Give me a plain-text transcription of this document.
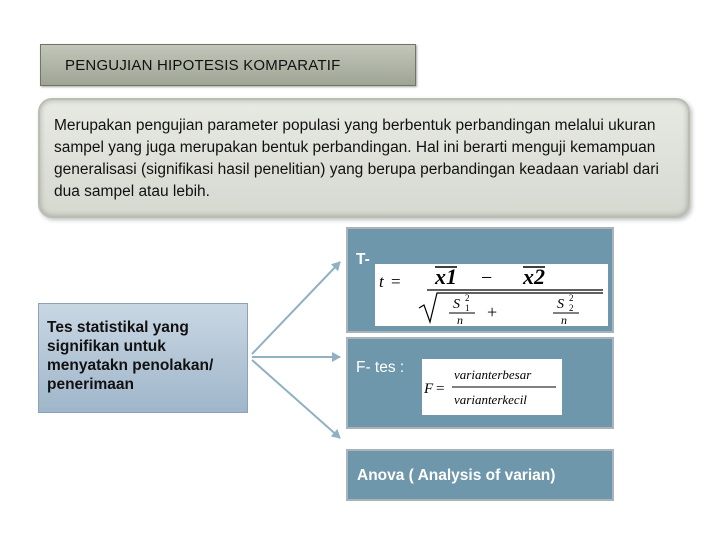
PENGUJIAN HIPOTESIS KOMPARATIF
Merupakan pengujian parameter populasi yang berbentuk perbandingan melalui ukuran sampel yang juga merupakan bentuk perbandingan. Hal ini berarti menguji kemampuan generalisasi (signifikasi hasil penelitian) yang berupa perbandingan keadaan variabl dari dua sampel atau lebih.
Tes statistikal yang signifikan untuk menyatakn penolakan/ penerimaan
T-
t = x1 − x2
S 2
1
n +	S 2
2
n
F- tes :
F =
varianterbesar
varianterkecil
Anova ( Analysis of varian)
